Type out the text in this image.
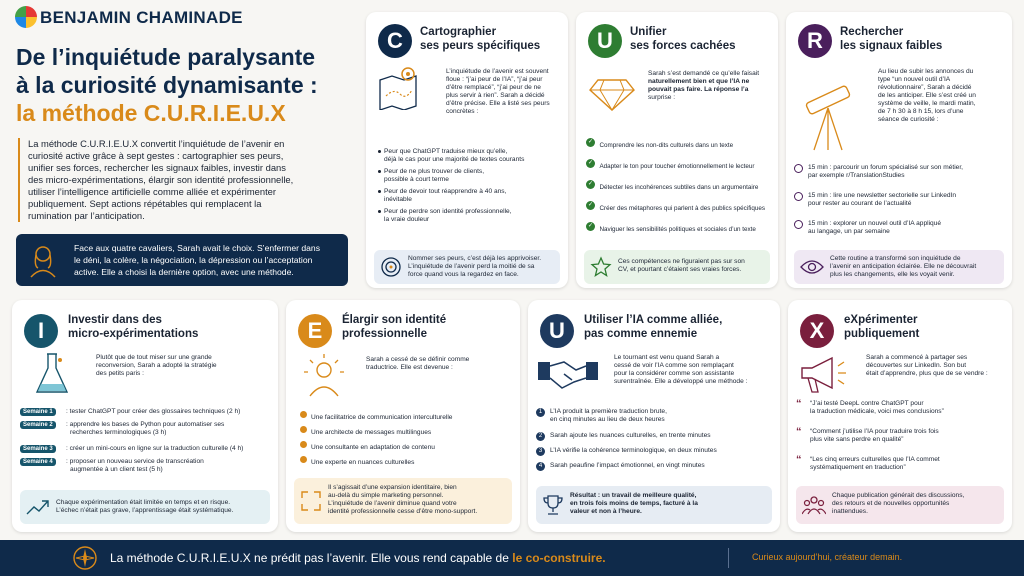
BENJAMIN CHAMINADE
De l’inquiétude paralysante
à la curiosité dynamisante :
la méthode C.U.R.I.E.U.X
La méthode C.U.R.I.E.U.X convertit l’inquiétude de l’avenir en
curiosité active grâce à sept gestes : cartographier ses peurs,
unifier ses forces, rechercher les signaux faibles, investir dans
des micro-expérimentations, élargir son identité professionnelle,
utiliser l’intelligence artificielle comme alliée et expérimenter
publiquement. Sept actions répétables qui remplacent la
rumination par l’anticipation.
Face aux quatre cavaliers, Sarah avait le choix. S’enfermer dans
le déni, la colère, la négociation, la dépression ou l’acceptation
active. Elle a choisi la dernière option, avec une méthode.
C	Cartographier
ses peurs spécifiques
L’inquiétude de l’avenir est souvent
floue : “j’ai peur de l’IA”, “j’ai peur
d’être remplacé”, “j’ai peur de ne
plus servir à rien”. Sarah a décidé
d’être précise. Elle a listé ses peurs
concrètes :
Peur que ChatGPT traduise mieux qu’elle,
déjà le cas pour une majorité de textes courants
Peur de ne plus trouver de clients,
possible à court terme
Peur de devoir tout réapprendre à 40 ans,
inévitable
Peur de perdre son identité professionnelle,
la vraie douleur
Nommer ses peurs, c’est déjà les apprivoiser.
L’inquiétude de l’avenir perd la moitié de sa
force quand vous la regardez en face.
U	Unifier
ses forces cachées
Sarah s’est demandé ce qu’elle faisait
naturellement bien et que l’IA ne
pouvait pas faire. La réponse l’a
surprise :
✓ Comprendre les non-dits culturels dans un texte
✓ Adapter le ton pour toucher émotionnellement le lecteur
✓ Détecter les incohérences subtiles dans un argumentaire
✓ Créer des métaphores qui parlent à des publics spécifiques
✓ Naviguer les sensibilités politiques et sociales d’un texte
Ces compétences ne figuraient pas sur son
CV, et pourtant c’étaient ses vraies forces.
R	Rechercher
les signaux faibles
Au lieu de subir les annonces du
type “un nouvel outil d’IA
révolutionnaire”, Sarah a décidé
de les anticiper. Elle s’est créé un
système de veille, le mardi matin,
de 7 h 30 à 8 h 15, lors d’une
séance de curiosité :
15 min : parcourir un forum spécialisé sur son métier,
par exemple r/TranslationStudies
15 min : lire une newsletter sectorielle sur LinkedIn
pour rester au courant de l’actualité
15 min : explorer un nouvel outil d’IA appliqué
au langage, un par semaine
Cette routine a transformé son inquiétude de
l’avenir en anticipation éclairée. Elle ne découvrait
plus les changements, elle les voyait venir.
I	Investir dans des
micro-expérimentations
Plutôt que de tout miser sur une grande
reconversion, Sarah a adopté la stratégie
des petits paris :
Semaine 1	: tester ChatGPT pour créer des glossaires techniques (2 h)
Semaine 2	: apprendre les bases de Python pour automatiser ses
recherches terminologiques (3 h)
Semaine 3	: créer un mini-cours en ligne sur la traduction culturelle (4 h)
Semaine 4	: proposer un nouveau service de transcréation
augmentée à un client test (5 h)
Chaque expérimentation était limitée en temps et en risque.
L’échec n’était pas grave, l’apprentissage était systématique.
E	Élargir son identité
professionnelle
Sarah a cessé de se définir comme
traductrice. Elle est devenue :
Une facilitatrice de communication interculturelle
Une architecte de messages multilingues
Une consultante en adaptation de contenu
Une experte en nuances culturelles
Il s’agissait d’une expansion identitaire, bien
au-delà du simple marketing personnel.
L’inquiétude de l’avenir diminue quand votre
identité professionnelle cesse d’être mono-support.
U	Utiliser l’IA comme alliée,
pas comme ennemie
Le tournant est venu quand Sarah a
cessé de voir l’IA comme son remplaçant
pour la considérer comme son assistante
surentraînée. Elle a développé une méthode :
1	L’IA produit la première traduction brute,
en cinq minutes au lieu de deux heures
2	Sarah ajoute les nuances culturelles, en trente minutes
3	L’IA vérifie la cohérence terminologique, en deux minutes
4	Sarah peaufine l’impact émotionnel, en vingt minutes
Résultat : un travail de meilleure qualité,
en trois fois moins de temps, facturé à la
valeur et non à l’heure.
X	eXpérimenter
publiquement
Sarah a commencé à partager ses
découvertes sur LinkedIn. Son but
était d’apprendre, plus que de se vendre :
“ “J’ai testé DeepL contre ChatGPT pour
la traduction médicale, voici mes conclusions”
“ “Comment j’utilise l’IA pour traduire trois fois
plus vite sans perdre en qualité”
“ “Les cinq erreurs culturelles que l’IA commet
systématiquement en traduction”
Chaque publication générait des discussions,
des retours et de nouvelles opportunités
inattendues.
La méthode C.U.R.I.E.U.X ne prédit pas l’avenir. Elle vous rend capable de le co-construire.	Curieux aujourd’hui, créateur demain.
